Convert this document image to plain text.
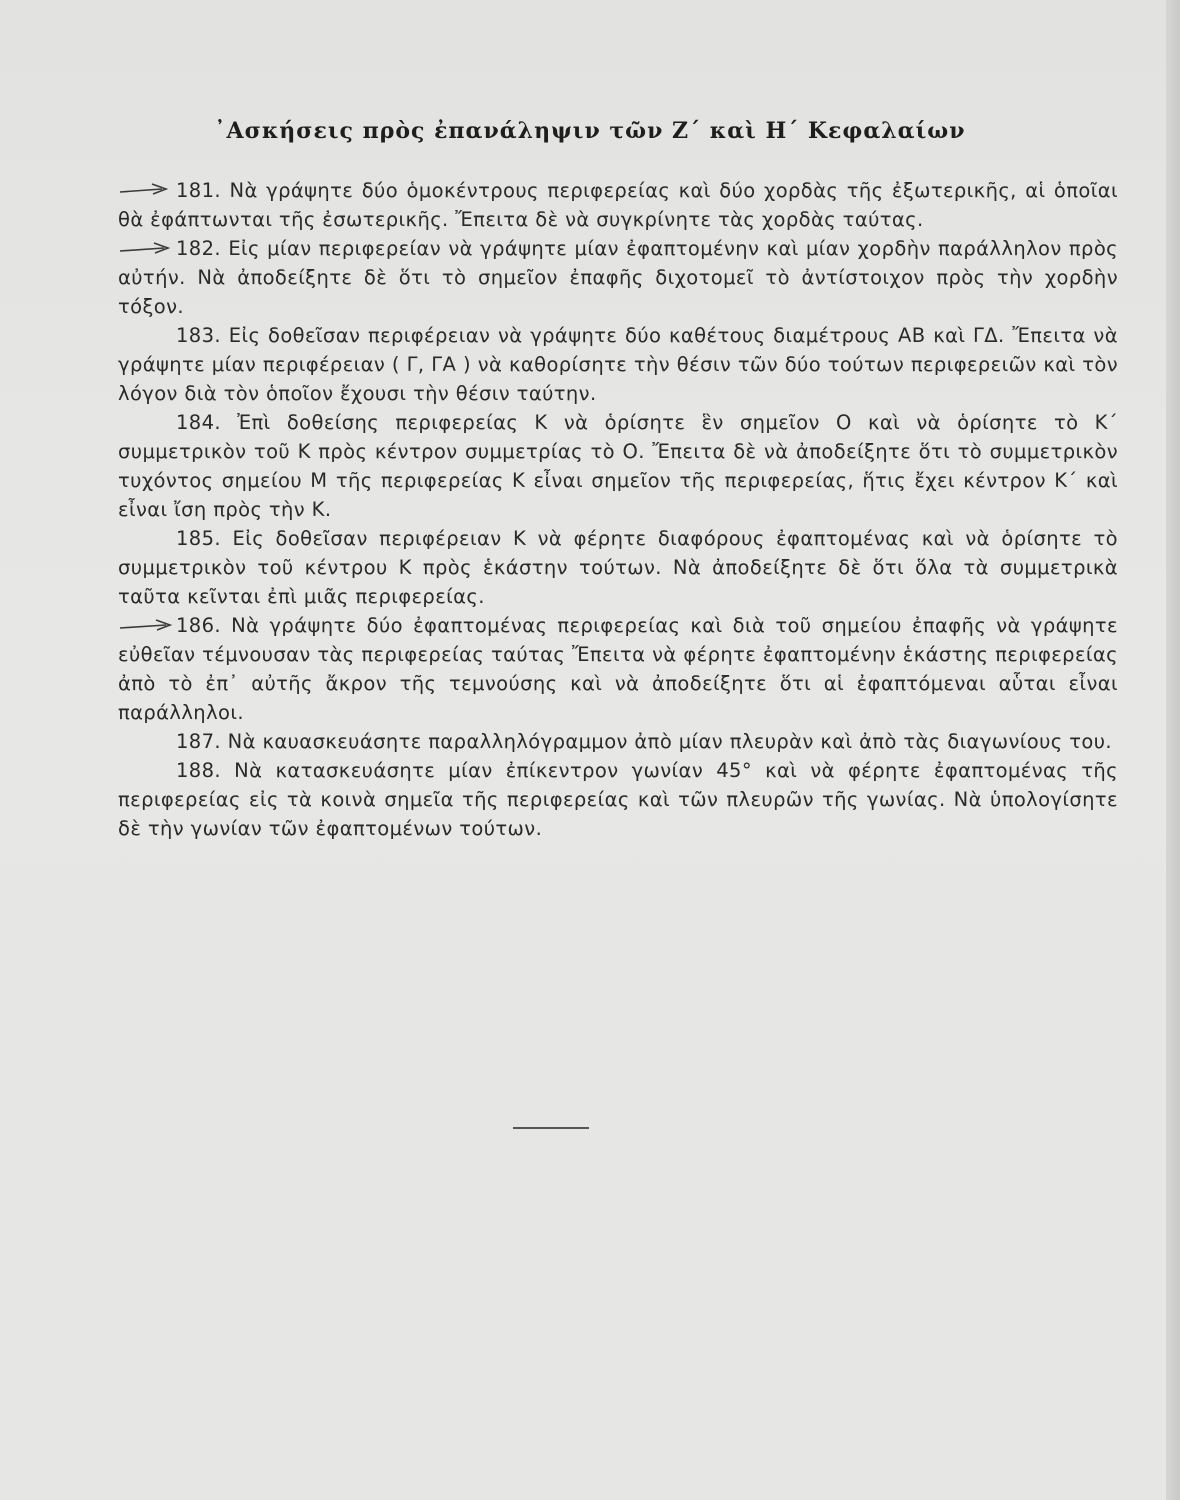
᾿Ασκήσεις πρὸς ἐπανάληψιν τῶν Ζ΄ καὶ Η΄ Κεφαλαίων

181. Νὰ γράψητε δύο ὁμοκέντρους περιφερείας καὶ δύο χορδὰς τῆς ἐξωτερικῆς, αἱ ὁποῖαι θὰ ἐφάπτωνται τῆς ἐσωτερικῆς. Ἔπειτα δὲ νὰ συγκρίνητε τὰς χορδὰς ταύτας.

182. Εἰς μίαν περιφερείαν νὰ γράψητε μίαν ἐφαπτομένην καὶ μίαν χορδὴν παράλληλον πρὸς αὐτήν. Νὰ ἀποδείξητε δὲ ὅτι τὸ σημεῖον ἐπαφῆς διχοτομεῖ τὸ ἀντίστοιχον πρὸς τὴν χορδὴν τόξον.

183. Εἰς δοθεῖσαν περιφέρειαν νὰ γράψητε δύο καθέτους διαμέτρους ΑΒ καὶ ΓΔ. Ἔπειτα νὰ γράψητε μίαν περιφέρειαν ( Γ, ΓΑ ) νὰ καθορίσητε τὴν θέσιν τῶν δύο τούτων περιφερειῶν καὶ τὸν λόγον διὰ τὸν ὁποῖον ἔχουσι τὴν θέσιν ταύτην.

184. Ἐπὶ δοθείσης περιφερείας Κ νὰ ὁρίσητε ἓν σημεῖον Ο καὶ νὰ ὁρίσητε τὸ Κ΄ συμμετρικὸν τοῦ Κ πρὸς κέντρον συμμετρίας τὸ Ο. Ἔπειτα δὲ νὰ ἀποδείξητε ὅτι τὸ συμμετρικὸν τυχόντος σημείου Μ τῆς περιφερείας Κ εἶναι σημεῖον τῆς περιφερείας, ἥτις ἔχει κέντρον Κ΄ καὶ εἶναι ἴση πρὸς τὴν Κ.

185. Εἰς δοθεῖσαν περιφέρειαν Κ νὰ φέρητε διαφόρους ἐφαπτομένας καὶ νὰ ὁρίσητε τὸ συμμετρικὸν τοῦ κέντρου Κ πρὸς ἑκάστην τούτων. Νὰ ἀποδείξητε δὲ ὅτι ὅλα τὰ συμμετρικὰ ταῦτα κεῖνται ἐπὶ μιᾶς περιφερείας.

186. Νὰ γράψητε δύο ἐφαπτομένας περιφερείας καὶ διὰ τοῦ σημείου ἐπαφῆς νὰ γράψητε εὐθεῖαν τέμνουσαν τὰς περιφερείας ταύτας Ἔπειτα νὰ φέρητε ἐφαπτομένην ἑκάστης περιφερείας ἀπὸ τὸ ἐπ᾿ αὐτῆς ἄκρον τῆς τεμνούσης καὶ νὰ ἀποδείξητε ὅτι αἱ ἐφαπτόμεναι αὗται εἶναι παράλληλοι.

187. Νὰ καυασκευάσητε παραλληλόγραμμον ἀπὸ μίαν πλευρὰν καὶ ἀπὸ τὰς διαγωνίους του.

188. Νὰ κατασκευάσητε μίαν ἐπίκεντρον γωνίαν 45° καὶ νὰ φέρητε ἐφαπτομένας τῆς περιφερείας εἰς τὰ κοινὰ σημεῖα τῆς περιφερείας καὶ τῶν πλευρῶν τῆς γωνίας. Νὰ ὑπολογίσητε δὲ τὴν γωνίαν τῶν ἐφαπτομένων τούτων.
